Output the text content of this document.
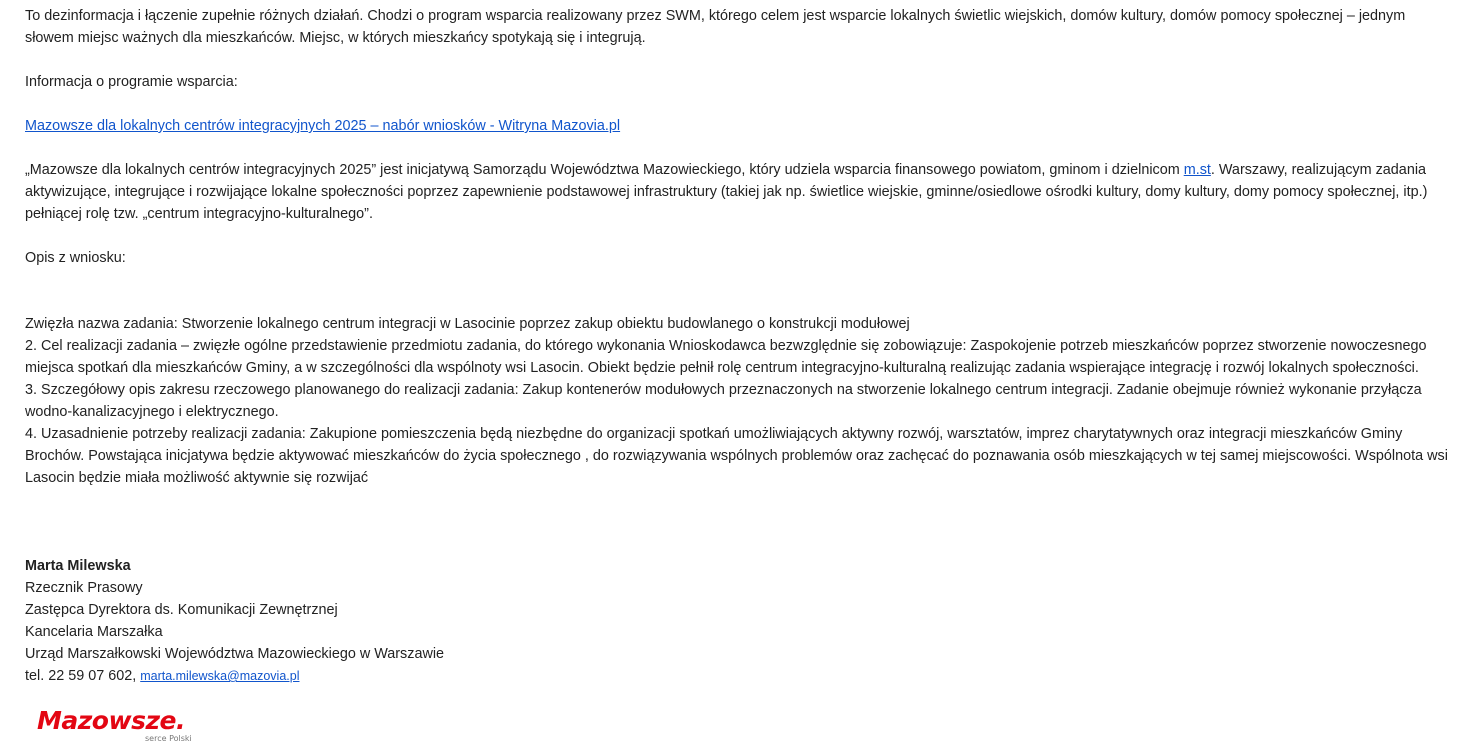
To dezinformacja i łączenie zupełnie różnych działań. Chodzi o program wsparcia realizowany przez SWM, którego celem jest wsparcie lokalnych świetlic wiejskich, domów kultury, domów pomocy społecznej – jednym słowem miejsc ważnych dla mieszkańców. Miejsc, w których mieszkańcy spotykają się i integrują.

Informacja o programie wsparcia:

Mazowsze dla lokalnych centrów integracyjnych 2025 – nabór wniosków - Witryna Mazovia.pl

„Mazowsze dla lokalnych centrów integracyjnych 2025” jest inicjatywą Samorządu Województwa Mazowieckiego, który udziela wsparcia finansowego powiatom, gminom i dzielnicom m.st. Warszawy, realizującym zadania aktywizujące, integrujące i rozwijające lokalne społeczności poprzez zapewnienie podstawowej infrastruktury (takiej jak np. świetlice wiejskie, gminne/osiedlowe ośrodki kultury, domy kultury, domy pomocy społecznej, itp.) pełniącej rolę tzw. „centrum integracyjno-kulturalnego”.

Opis z wniosku:

Zwięzła nazwa zadania: Stworzenie lokalnego centrum integracji w Lasocinie poprzez zakup obiektu budowlanego o konstrukcji modułowej

2. Cel realizacji zadania – zwięzłe ogólne przedstawienie przedmiotu zadania, do którego wykonania Wnioskodawca bezwzględnie się zobowiązuje: Zaspokojenie potrzeb mieszkańców poprzez stworzenie nowoczesnego miejsca spotkań dla mieszkańców Gminy, a w szczególności dla wspólnoty wsi Lasocin. Obiekt będzie pełnił rolę centrum integracyjno-kulturalną realizując zadania wspierające integrację i rozwój lokalnych społeczności.

3. Szczegółowy opis zakresu rzeczowego planowanego do realizacji zadania: Zakup kontenerów modułowych przeznaczonych na stworzenie lokalnego centrum integracji. Zadanie obejmuje również wykonanie przyłącza wodno-kanalizacyjnego i elektrycznego.

4. Uzasadnienie potrzeby realizacji zadania: Zakupione pomieszczenia będą niezbędne do organizacji spotkań umożliwiających aktywny rozwój, warsztatów, imprez charytatywnych oraz integracji mieszkańców Gminy Brochów. Powstająca inicjatywa będzie aktywować mieszkańców do życia społecznego , do rozwiązywania wspólnych problemów oraz zachęcać do poznawania osób mieszkających w tej samej miejscowości. Wspólnota wsi Lasocin będzie miała możliwość aktywnie się rozwijać

Marta Milewska

Rzecznik Prasowy

Zastępca Dyrektora ds. Komunikacji Zewnętrznej

Kancelaria Marszałka

Urząd Marszałkowski Województwa Mazowieckiego w Warszawie

tel. 22 59 07 602, marta.milewska@mazovia.pl

Mazowsze.
serce Polski
